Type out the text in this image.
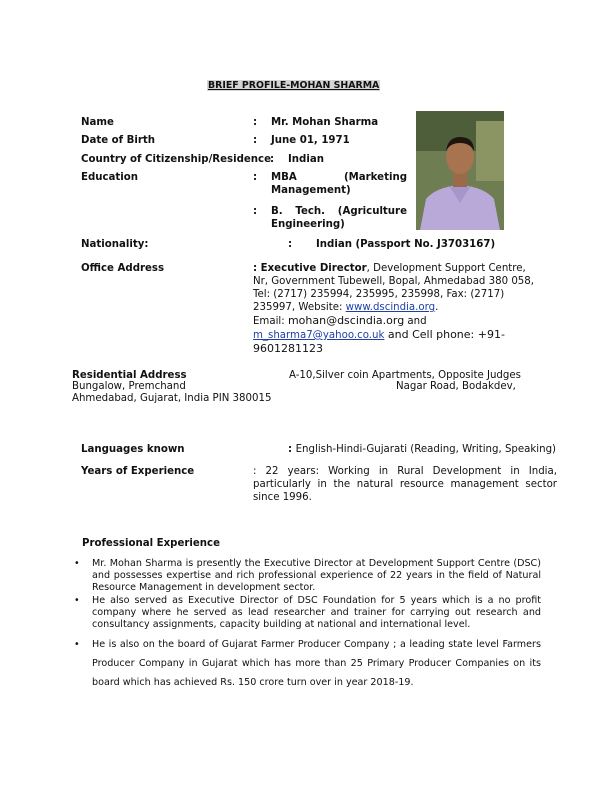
BRIEF PROFILE-MOHAN SHARMA
Name	: Mr. Mohan Sharma
Date of Birth	: June 01, 1971
Country of Citizenship/Residence : Indian
Education	: MBA (Marketing Management)
: B. Tech. (Agriculture Engineering)
Nationality:	: Indian (Passport No. J3703167)
Office Address	: Executive Director, Development Support Centre, Nr, Government Tubewell, Bopal, Ahmedabad 380 058, Tel: (2717) 235994, 235995, 235998, Fax: (2717) 235997, Website: www.dscindia.org.
Email: mohan@dscindia.org and
m_sharma7@yahoo.co.uk and Cell phone: +91-9601281123
Residential Address	A-10,Silver coin Apartments, Opposite Judges
Bungalow, Premchand	Nagar Road, Bodakdev,
Ahmedabad, Gujarat, India PIN 380015
Languages known	: English-Hindi-Gujarati (Reading, Writing, Speaking)
Years of Experience	: 22 years: Working in Rural Development in India, particularly in the natural resource management sector since 1996.
Professional Experience
• Mr. Mohan Sharma is presently the Executive Director at Development Support Centre (DSC) and possesses expertise and rich professional experience of 22 years in the field of Natural Resource Management in development sector.
• He also served as Executive Director of DSC Foundation for 5 years which is a no profit company where he served as lead researcher and trainer for carrying out research and consultancy assignments, capacity building at national and international level.
• He is also on the board of Gujarat Farmer Producer Company ; a leading state level Farmers Producer Company in Gujarat which has more than 25 Primary Producer Companies on its board which has achieved Rs. 150 crore turn over in year 2018-19.
